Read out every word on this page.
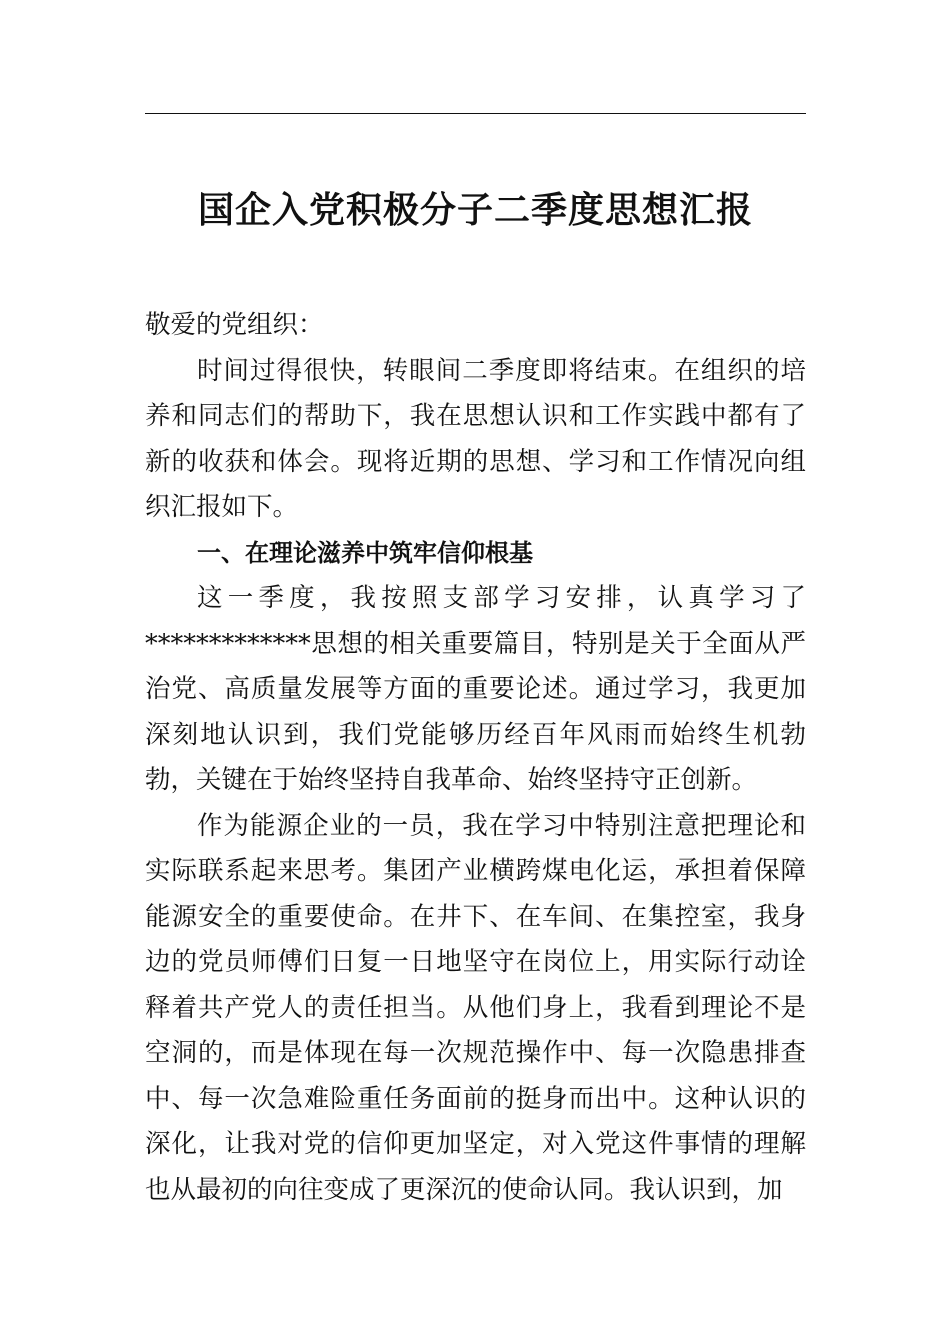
国企入党积极分子二季度思想汇报

敬爱的党组织：

时间过得很快，转眼间二季度即将结束。在组织的培养和同志们的帮助下，我在思想认识和工作实践中都有了新的收获和体会。现将近期的思想、学习和工作情况向组织汇报如下。

一、在理论滋养中筑牢信仰根基

这一季度，我按照支部学习安排，认真学习了

*************思想的相关重要篇目，特别是关于全面从严治党、高质量发展等方面的重要论述。通过学习，我更加深刻地认识到，我们党能够历经百年风雨而始终生机勃勃，关键在于始终坚持自我革命、始终坚持守正创新。

作为能源企业的一员，我在学习中特别注意把理论和实际联系起来思考。集团产业横跨煤电化运，承担着保障能源安全的重要使命。在井下、在车间、在集控室，我身边的党员师傅们日复一日地坚守在岗位上，用实际行动诠释着共产党人的责任担当。从他们身上，我看到理论不是空洞的，而是体现在每一次规范操作中、每一次隐患排查中、每一次急难险重任务面前的挺身而出中。这种认识的深化，让我对党的信仰更加坚定，对入党这件事情的理解也从最初的向往变成了更深沉的使命认同。我认识到，加
